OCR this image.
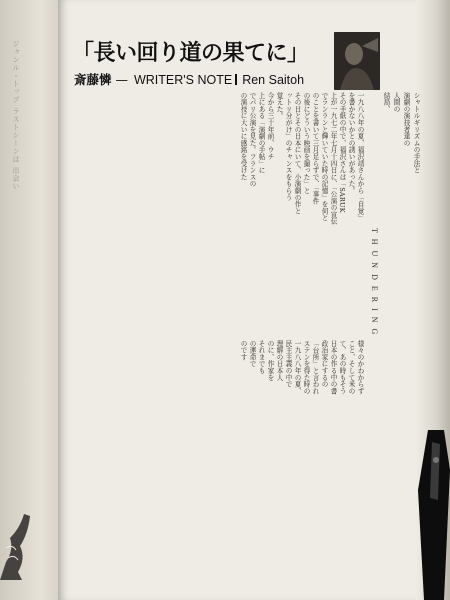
ジャンル・トップ ラストシーンは 出会い
「長い回り道の果てに」
斎藤憐 — WRITER'S NOTE Ren Saitoh
一九八八年の夏、福沢靖さんから「自覚」
を書かないかとの誘いがあった。
その手紙の中で、福沢さんは「SARUK
上が一九七二年七月十四日に、「公演の宣伝
でランランと輝いていた時の記憶」を何と
のことを書いて三月足らずで、「事件
の後にどういう映画を撮った」と
その日とその日本にいて、小演劇の作と
ットリ分がけ」のチャンスをもらう
覚えた。
今から三十年前、ウチ
上にある「演劇の手帖」に
でパリ公演を見た。フランスの
の演技に大いに感銘を受けた
様々のかわからず
こと、そして米の
て、あの時もそう
日本の作る中の書
政治家にするの
「台所」と言われ
ステンを得た時の
一九八八年の夏、
民主主義の中で
理解の日本人
のに、作家を
それまでも
の運命で
のです
T H U N D E R I N G
シャトルギリズムの手法と
演劇の演技者達の
人間の
結局、
